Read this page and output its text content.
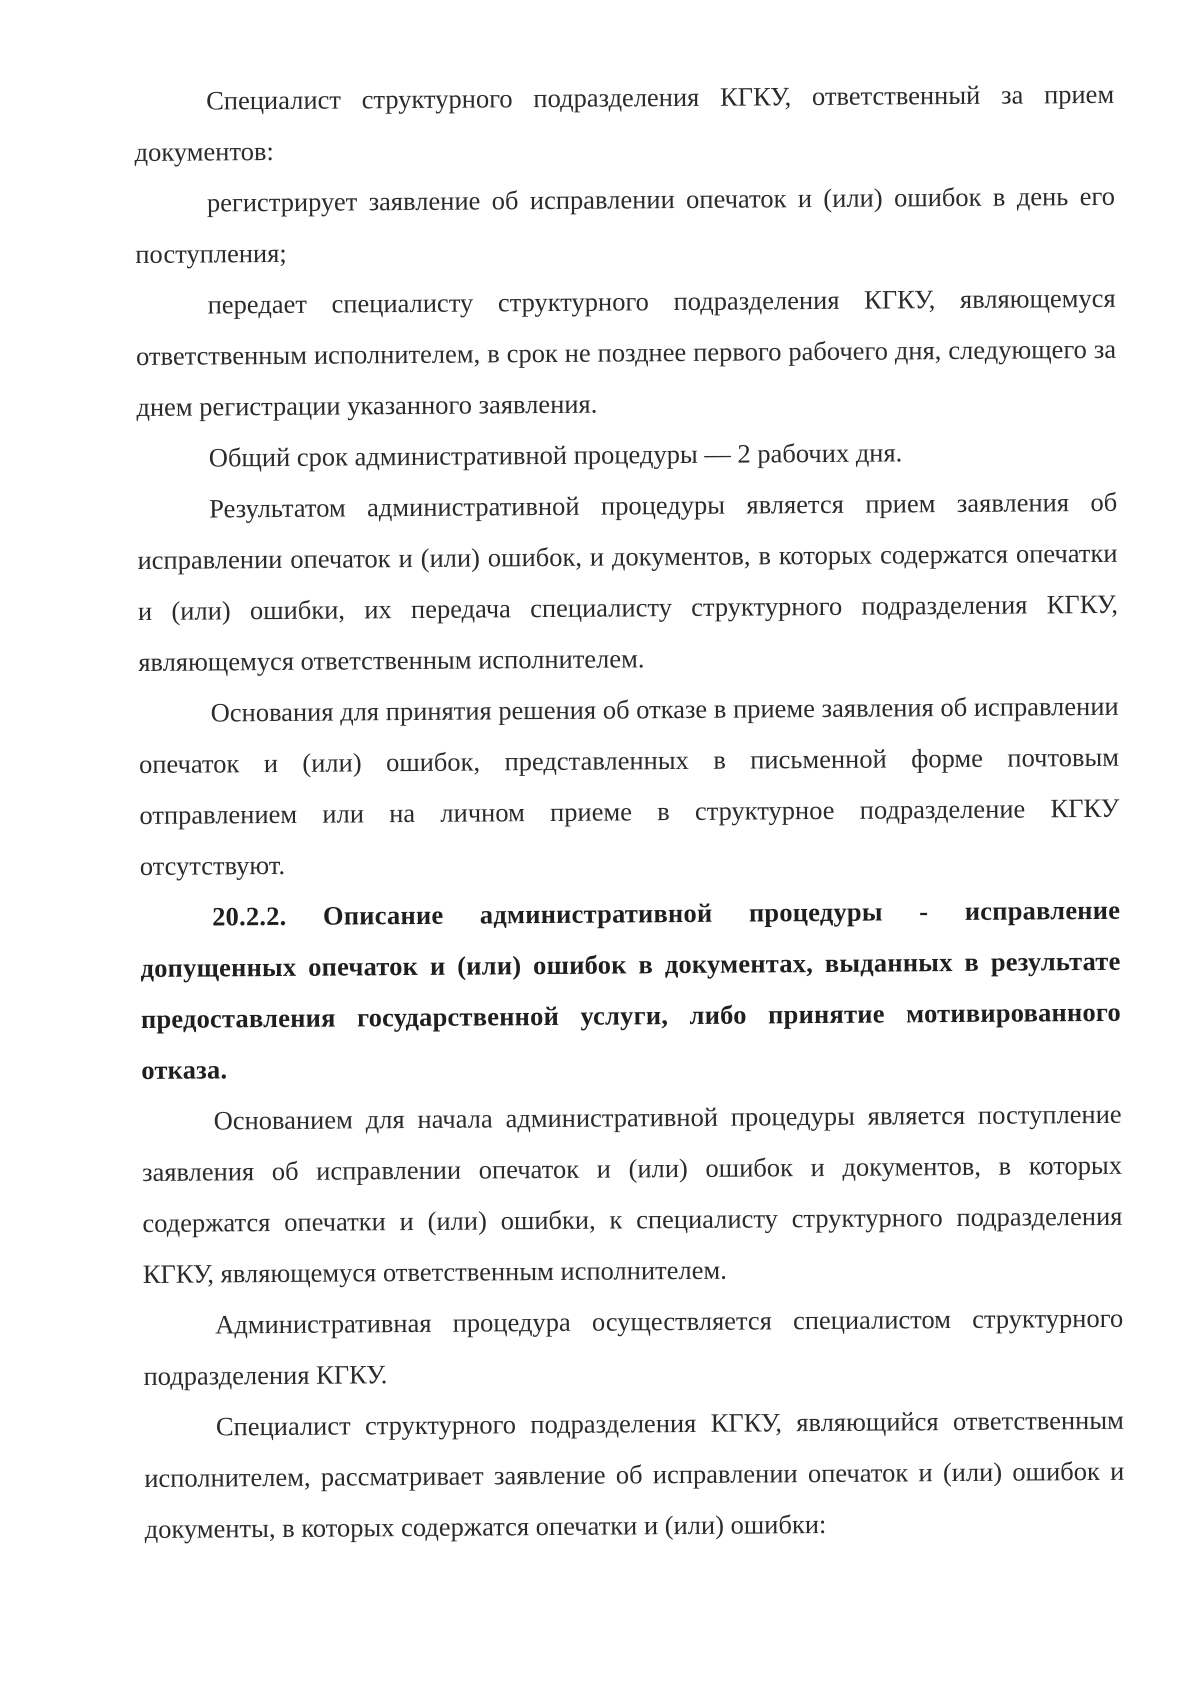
Специалист структурного подразделения КГКУ, ответственный за прием документов:

регистрирует заявление об исправлении опечаток и (или) ошибок в день его поступления;

передает специалисту структурного подразделения КГКУ, являющемуся ответственным исполнителем, в срок не позднее первого рабочего дня, следующего за днем регистрации указанного заявления.

Общий срок административной процедуры — 2 рабочих дня.

Результатом административной процедуры является прием заявления об исправлении опечаток и (или) ошибок, и документов, в которых содержатся опечатки и (или) ошибки, их передача специалисту структурного подразделения КГКУ, являющемуся ответственным исполнителем.

Основания для принятия решения об отказе в приеме заявления об исправлении опечаток и (или) ошибок, представленных в письменной форме почтовым отправлением или на личном приеме в структурное подразделение КГКУ отсутствуют.

20.2.2. Описание административной процедуры - исправление допущенных опечаток и (или) ошибок в документах, выданных в результате предоставления государственной услуги, либо принятие мотивированного отказа.

Основанием для начала административной процедуры является поступление заявления об исправлении опечаток и (или) ошибок и документов, в которых содержатся опечатки и (или) ошибки, к специалисту структурного подразделения КГКУ, являющемуся ответственным исполнителем.

Административная процедура осуществляется специалистом структурного подразделения КГКУ.

Специалист структурного подразделения КГКУ, являющийся ответственным исполнителем, рассматривает заявление об исправлении опечаток и (или) ошибок и документы, в которых содержатся опечатки и (или) ошибки:
